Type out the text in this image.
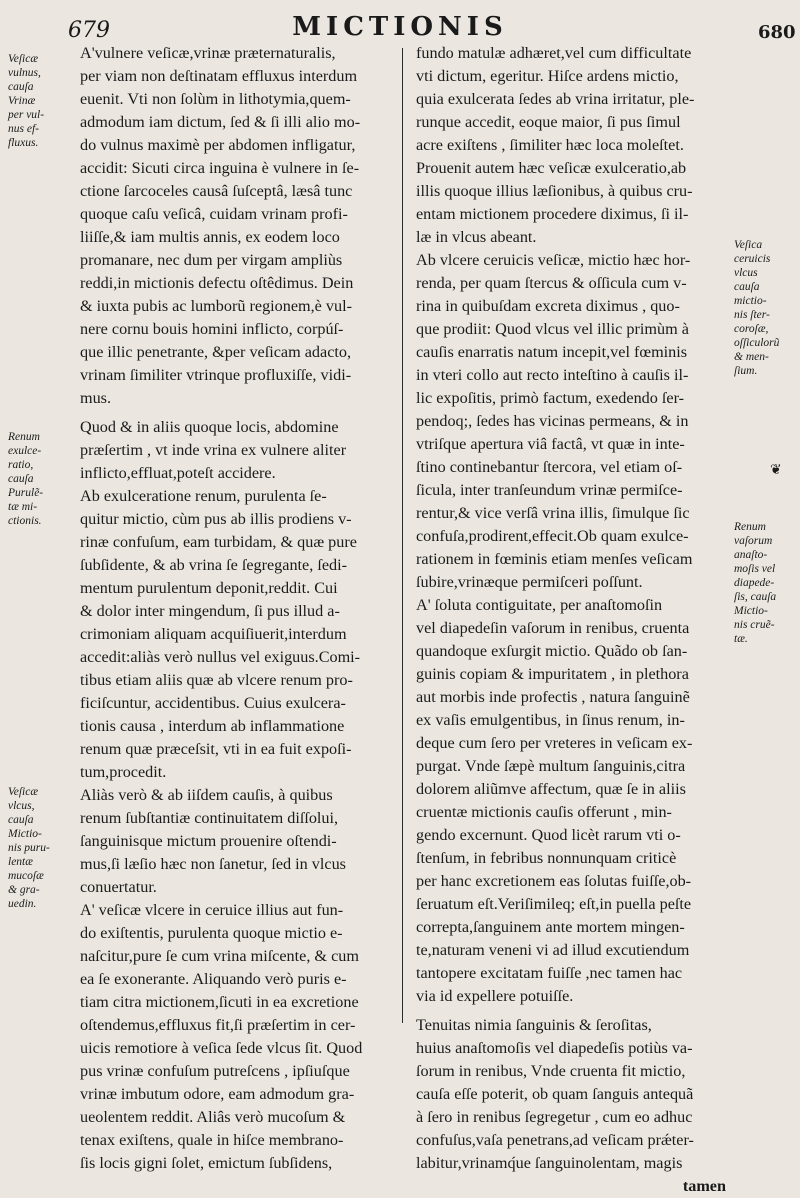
679	MICTIONIS	680
Veſicæ
vulnus,
cauſa
Vrinæ
per vul-
nus ef-
fluxus.
Renum
exulce-
ratio,
cauſa
Purulẽ-
tæ mi-
ctionis.
Veſicæ
vlcus,
cauſa
Mictio-
nis puru-
lentæ
mucoſæ
& gra-
uedin.
Veſica
ceruicis
vlcus
cauſa
mictio-
nis ſter-
coroſæ,
oſſiculorũ
& men-
ſium.
Renum
vaſorum
anaſto-
moſis vel
diapede-
ſis, cauſa
Mictio-
nis cruẽ-
tæ.
❦
A'vulnere veſicæ,vrinæ præternaturalis,
per viam non deſtinatam effluxus interdum
euenit. Vti non ſolùm in lithotymia,quem-
admodum iam dictum, ſed & ſi illi alio mo-
do vulnus maximè per abdomen infligatur,
accidit: Sicuti circa inguina è vulnere in ſe-
ctione ſarcoceles causâ ſuſceptâ, læsâ tunc
quoque caſu veſicâ, cuidam vrinam profi-
liiſſe,& iam multis annis, ex eodem loco
promanare, nec dum per virgam ampliùs
reddi,in mictionis defectu oſtêdimus. Dein
& iuxta pubis ac lumborũ regionem,è vul-
nere cornu bouis homini inflicto, corpúſ-
que illic penetrante, &per veſicam adacto,
vrinam ſimiliter vtrinque profluxiſſe, vidi-
mus.
Quod & in aliis quoque locis, abdomine
præſertim , vt inde vrina ex vulnere aliter
inflicto,effluat,poteſt accidere.
Ab exulceratione renum, purulenta ſe-
quitur mictio, cùm pus ab illis prodiens v-
rinæ confuſum, eam turbidam, & quæ pure
ſubſidente, & ab vrina ſe ſegregante, ſedi-
mentum purulentum deponit,reddit. Cui
& dolor inter mingendum, ſi pus illud a-
crimoniam aliquam acquiſiuerit,interdum
accedit:aliàs verò nullus vel exiguus.Comi-
tibus etiam aliis quæ ab vlcere renum pro-
ficiſcuntur, accidentibus. Cuius exulcera-
tionis causa , interdum ab inflammatione
renum quæ præceſsit, vti in ea fuit expoſi-
tum,procedit.
Aliàs verò & ab iiſdem cauſis, à quibus
renum ſubſtantiæ continuitatem diſſolui,
ſanguinisque mictum prouenire oſtendi-
mus,ſi læſio hæc non ſanetur, ſed in vlcus
conuertatur.
A' veſicæ vlcere in ceruice illius aut fun-
do exiſtentis, purulenta quoque mictio e-
naſcitur,pure ſe cum vrina miſcente, & cum
ea ſe exonerante. Aliquando verò puris e-
tiam citra mictionem,ſicuti in ea excretione
oſtendemus,effluxus fit,ſi præſertim in cer-
uicis remotiore à veſica ſede vlcus ſit. Quod
pus vrinæ confuſum putreſcens , ipſiuſque
vrinæ imbutum odore, eam admodum gra-
ueolentem reddit. Aliâs verò mucoſum &
tenax exiſtens, quale in hiſce membrano-
ſis locis gigni ſolet, emictum ſubſidens,
fundo matulæ adhæret,vel cum difficultate
vti dictum, egeritur. Hiſce ardens mictio,
quia exulcerata ſedes ab vrina irritatur, ple-
runque accedit, eoque maior, ſi pus ſimul
acre exiſtens , ſimiliter hæc loca moleſtet.
Prouenit autem hæc veſicæ exulceratio,ab
illis quoque illius læſionibus, à quibus cru-
entam mictionem procedere diximus, ſi il-
læ in vlcus abeant.
Ab vlcere ceruicis veſicæ, mictio hæc hor-
renda, per quam ſtercus & oſſicula cum v-
rina in quibuſdam excreta diximus , quo-
que prodiit: Quod vlcus vel illic primùm à
cauſis enarratis natum incepit,vel fœminis
in vteri collo aut recto inteſtino à cauſis il-
lic expoſitis, primò factum, exedendo ſer-
pendoq;, ſedes has vicinas permeans, & in
vtriſque apertura viâ factâ, vt quæ in inte-
ſtino continebantur ſtercora, vel etiam oſ-
ſicula, inter tranſeundum vrinæ permiſce-
rentur,& vice verſâ vrina illis, ſimulque ſic
confuſa,prodirent,effecit.Ob quam exulce-
rationem in fœminis etiam menſes veſicam
ſubire,vrinæque permiſceri poſſunt.
A' ſoluta contiguitate, per anaſtomoſin
vel diapedeſin vaſorum in renibus, cruenta
quandoque exſurgit mictio. Quãdo ob ſan-
guinis copiam & impuritatem , in plethora
aut morbis inde profectis , natura ſanguinẽ
ex vaſis emulgentibus, in ſinus renum, in-
deque cum ſero per vreteres in veſicam ex-
purgat. Vnde ſæpè multum ſanguinis,citra
dolorem aliũmve affectum, quæ ſe in aliis
cruentæ mictionis cauſis offerunt , min-
gendo excernunt. Quod licèt rarum vti o-
ſtenſum, in febribus nonnunquam criticè
per hanc excretionem eas ſolutas fuiſſe,ob-
ſeruatum eſt.Veriſimileq; eſt,in puella peſte
correpta,ſanguinem ante mortem mingen-
te,naturam veneni vi ad illud excutiendum
tantopere excitatam fuiſſe ,nec tamen hac
via id expellere potuiſſe.
Tenuitas nimia ſanguinis & ſeroſitas,
huius anaſtomoſis vel diapedeſis potiùs va-
ſorum in renibus, Vnde cruenta fit mictio,
cauſa eſſe poterit, ob quam ſanguis antequã
à ſero in renibus ſegregetur , cum eo adhuc
confuſus,vaſa penetrans,ad veſicam prǽter-
labitur,vrinamq́ue ſanguinolentam, magis
tamen
